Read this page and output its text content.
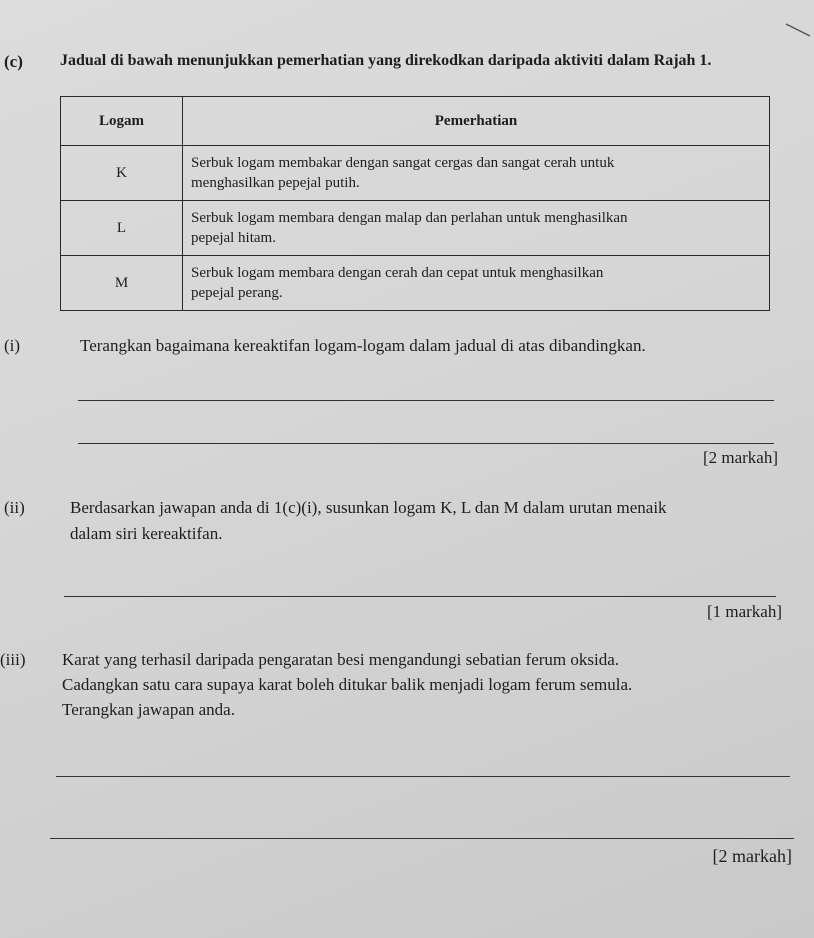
(c) Jadual di bawah menunjukkan pemerhatian yang direkodkan daripada aktiviti dalam Rajah 1.
Logam	Pemerhatian
K	Serbuk logam membakar dengan sangat cergas dan sangat cerah untuk
menghasilkan pepejal putih.

L	Serbuk logam membara dengan malap dan perlahan untuk menghasilkan
pepejal hitam.

M	Serbuk logam membara dengan cerah dan cepat untuk menghasilkan
pepejal perang.
(i)	Terangkan bagaimana kereaktifan logam-logam dalam jadual di atas dibandingkan.
[2 markah]
(ii)	Berdasarkan jawapan anda di 1(c)(i), susunkan logam K, L dan M dalam urutan menaik
dalam siri kereaktifan.
[1 markah]
(iii) Karat yang terhasil daripada pengaratan besi mengandungi sebatian ferum oksida.
Cadangkan satu cara supaya karat boleh ditukar balik menjadi logam ferum semula.
Terangkan jawapan anda.
[2 markah]
